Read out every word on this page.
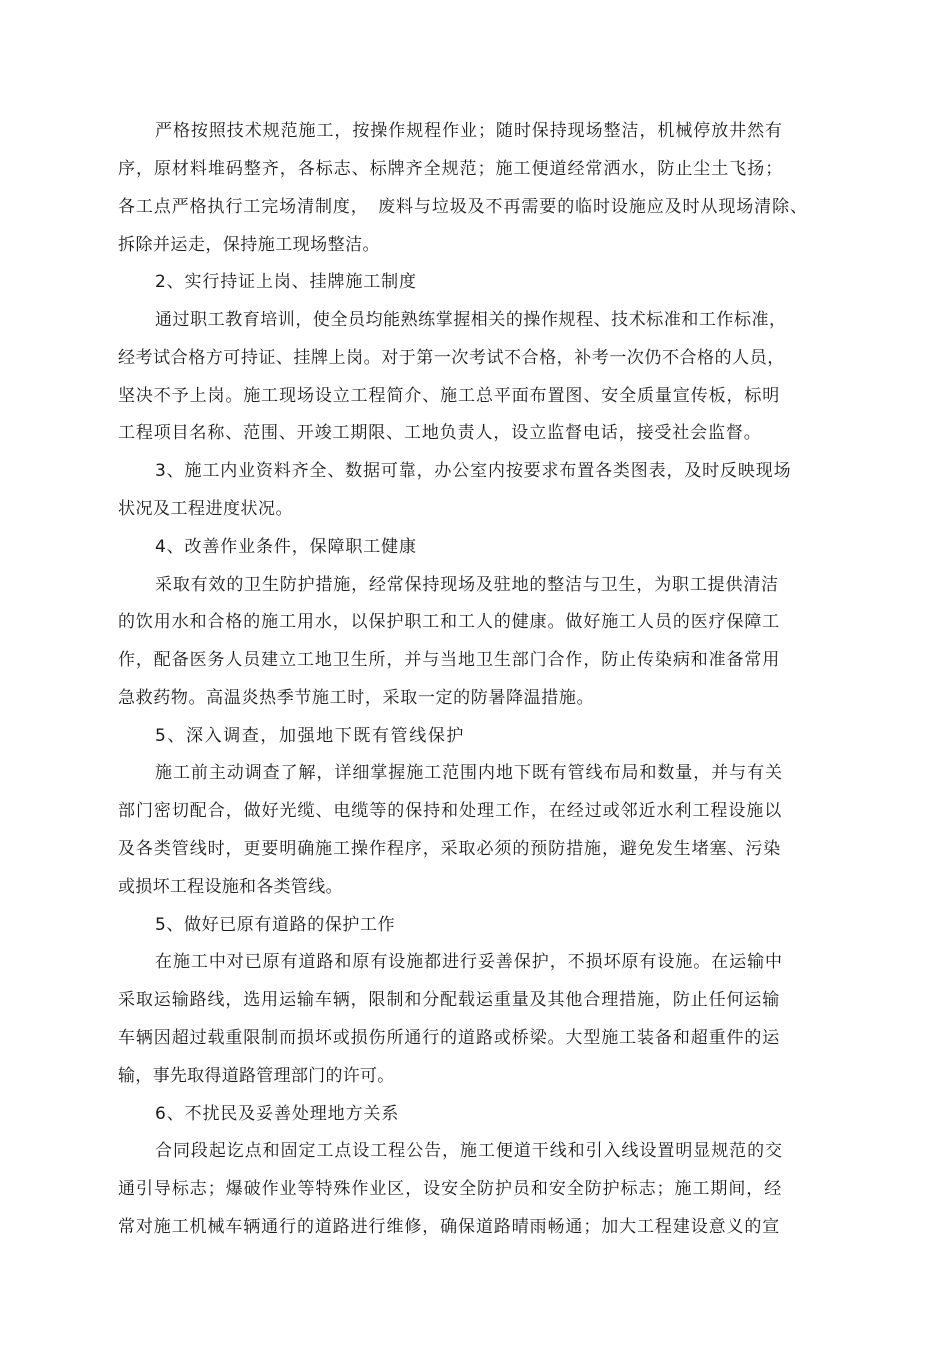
严格按照技术规范施工，按操作规程作业；随时保持现场整洁，机械停放井然有
序，原材料堆码整齐，各标志、标牌齐全规范；施工便道经常洒水，防止尘土飞扬；
各工点严格执行工完场清制度，　废料与垃圾及不再需要的临时设施应及时从现场清除、
拆除并运走，保持施工现场整洁。
2、实行持证上岗、挂牌施工制度
通过职工教育培训，使全员均能熟练掌握相关的操作规程、技术标准和工作标准，
经考试合格方可持证、挂牌上岗。对于第一次考试不合格，补考一次仍不合格的人员，
坚决不予上岗。施工现场设立工程简介、施工总平面布置图、安全质量宣传板，标明
工程项目名称、范围、开竣工期限、工地负责人，设立监督电话，接受社会监督。
3、施工内业资料齐全、数据可靠，办公室内按要求布置各类图表，及时反映现场
状况及工程进度状况。
4、改善作业条件，保障职工健康
采取有效的卫生防护措施，经常保持现场及驻地的整洁与卫生，为职工提供清洁
的饮用水和合格的施工用水，以保护职工和工人的健康。做好施工人员的医疗保障工
作，配备医务人员建立工地卫生所，并与当地卫生部门合作，防止传染病和准备常用
急救药物。高温炎热季节施工时，采取一定的防暑降温措施。
5、深入调查，加强地下既有管线保护
施工前主动调查了解，详细掌握施工范围内地下既有管线布局和数量，并与有关
部门密切配合，做好光缆、电缆等的保持和处理工作，在经过或邻近水利工程设施以
及各类管线时，更要明确施工操作程序，采取必须的预防措施，避免发生堵塞、污染
或损坏工程设施和各类管线。
5、做好已原有道路的保护工作
在施工中对已原有道路和原有设施都进行妥善保护，不损坏原有设施。在运输中
采取运输路线，选用运输车辆，限制和分配载运重量及其他合理措施，防止任何运输
车辆因超过载重限制而损坏或损伤所通行的道路或桥梁。大型施工装备和超重件的运
输，事先取得道路管理部门的许可。
6、不扰民及妥善处理地方关系
合同段起讫点和固定工点设工程公告，施工便道干线和引入线设置明显规范的交
通引导标志；爆破作业等特殊作业区，设安全防护员和安全防护标志；施工期间，经
常对施工机械车辆通行的道路进行维修，确保道路晴雨畅通；加大工程建设意义的宣
